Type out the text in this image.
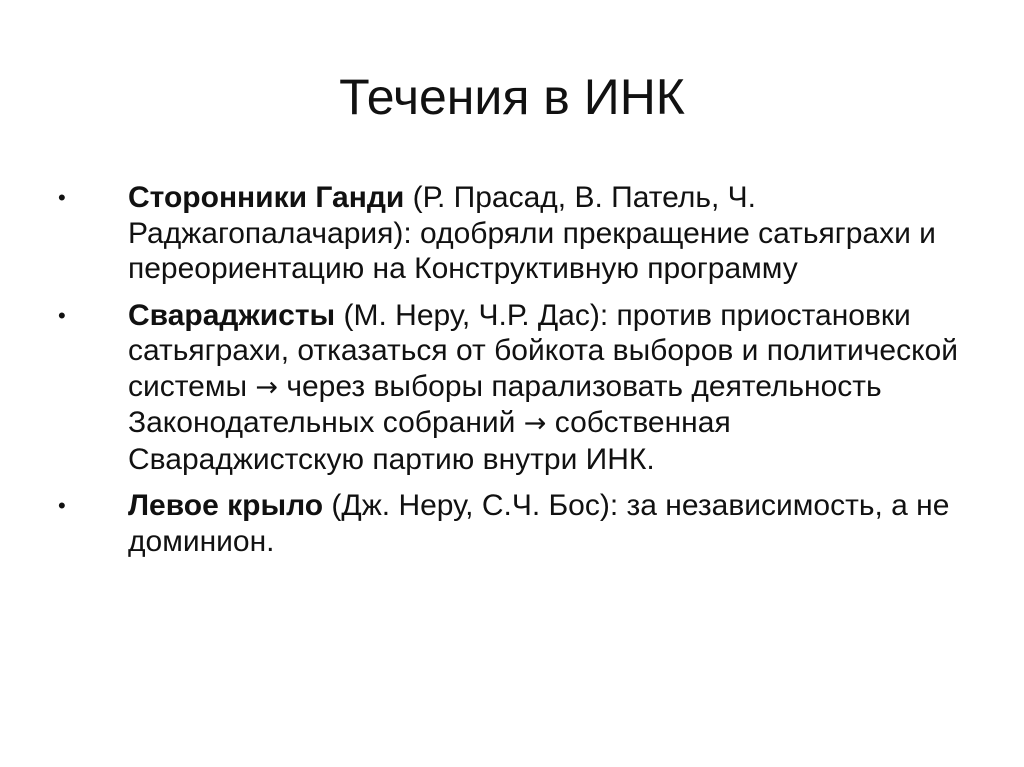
Течения в ИНК
• Сторонники Ганди (Р. Прасад, В. Патель, Ч. Раджагопалачария): одобряли прекращение сатьяграхи и переориентацию на Конструктивную программу
• Свараджисты (М. Неру, Ч.Р. Дас): против приостановки сатьяграхи, отказаться от бойкота выборов и политической системы → через выборы парализовать деятельность Законодательных собраний → собственная Свараджистскую партию внутри ИНК.
• Левое крыло (Дж. Неру, С.Ч. Бос): за независимость, а не доминион.
